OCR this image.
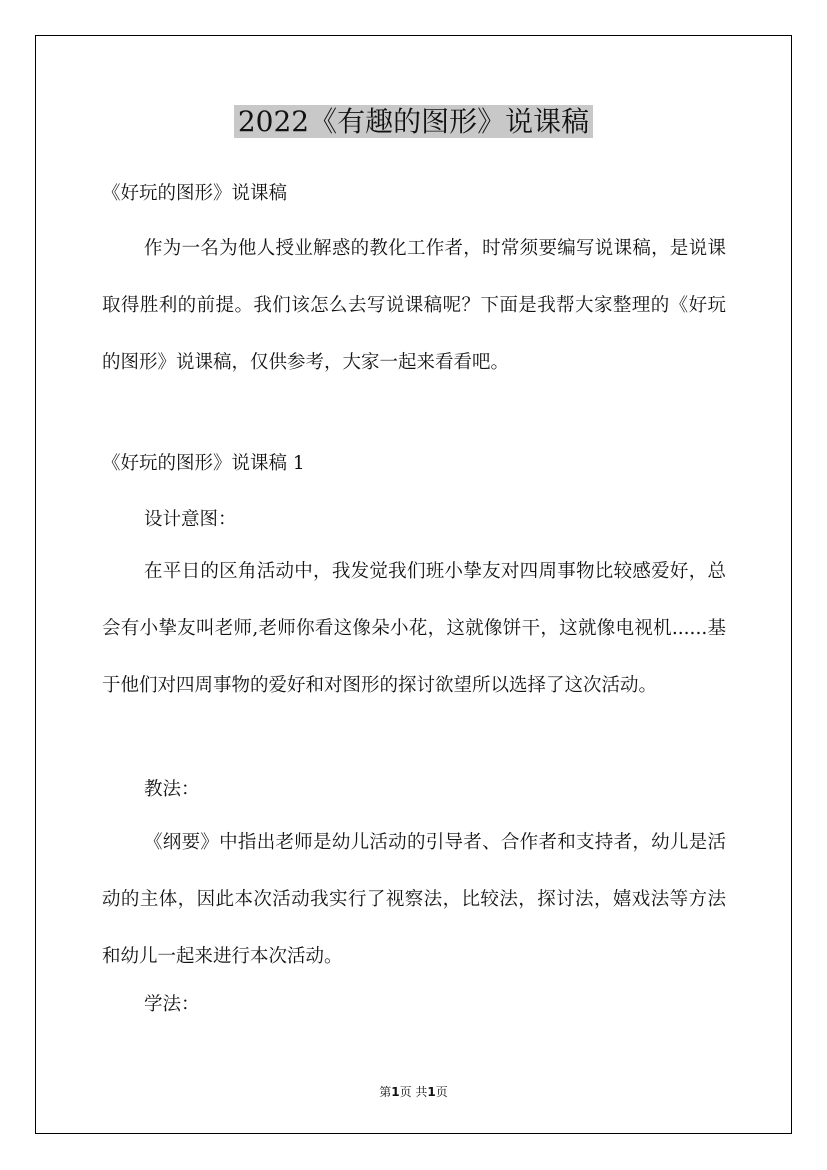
2022《有趣的图形》说课稿

《好玩的图形》说课稿

作为一名为他人授业解惑的教化工作者，时常须要编写说课稿，是说课取得胜利的前提。我们该怎么去写说课稿呢？下面是我帮大家整理的《好玩的图形》说课稿，仅供参考，大家一起来看看吧。

《好玩的图形》说课稿 1

设计意图：

在平日的区角活动中，我发觉我们班小挚友对四周事物比较感爱好，总会有小挚友叫老师,老师你看这像朵小花，这就像饼干，这就像电视机......基于他们对四周事物的爱好和对图形的探讨欲望所以选择了这次活动。

教法：

《纲要》中指出老师是幼儿活动的引导者、合作者和支持者，幼儿是活动的主体，因此本次活动我实行了视察法，比较法，探讨法，嬉戏法等方法和幼儿一起来进行本次活动。

学法：

第1页 共1页
